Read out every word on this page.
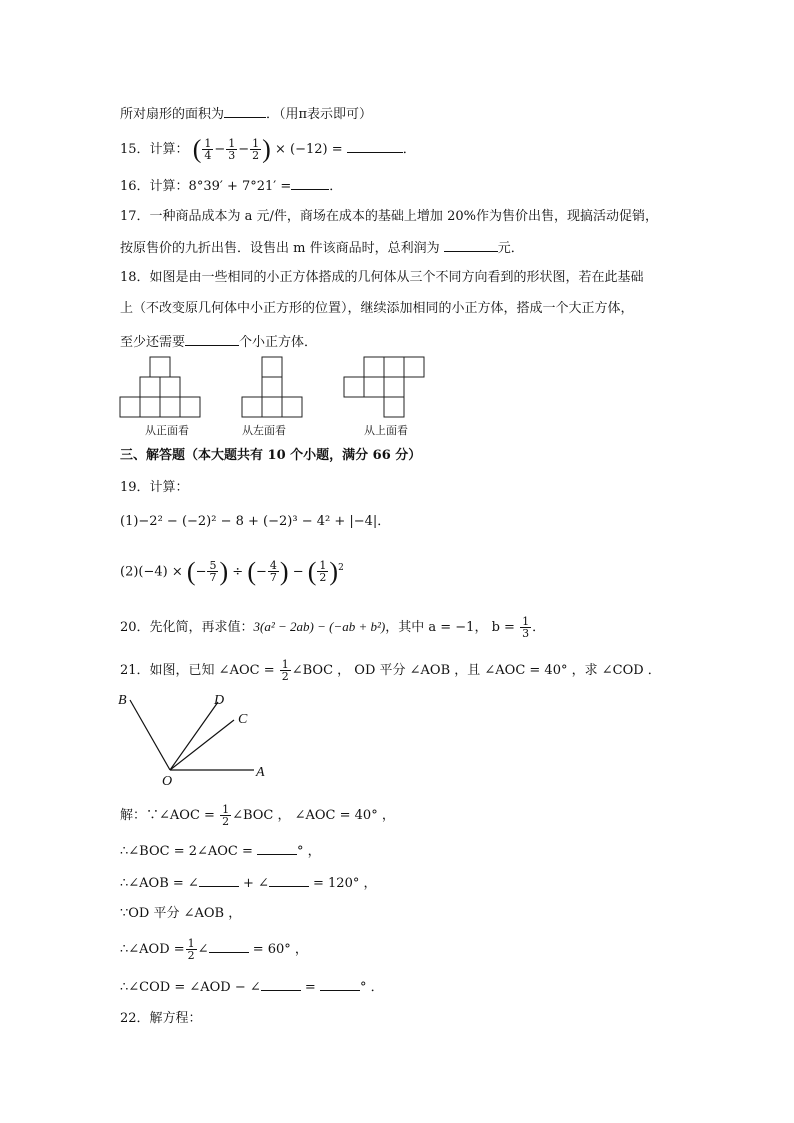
所对扇形的面积为	．（用π表示即可）
15．计算： ( $\frac{1}{4} - \frac{1}{3} - \frac{1}{2}$ ) × (−12) =	．
16．计算：8°39′ + 7°21′ =	．
17．一种商品成本为 a 元/件，商场在成本的基础上增加 20%作为售价出售，现搞活动促销，
按原售价的九折出售．设售出 m 件该商品时，总利润为	元．
18．如图是由一些相同的小正方体搭成的几何体从三个不同方向看到的形状图，若在此基础
上（不改变原几何体中小正方形的位置），继续添加相同的小正方体，搭成一个大正方体，
至少还需要	个小正方体．
从正面看	从左面看	从上面看
三、解答题（本大题共有 10 个小题，满分 66 分）
19．计算：
(1)−2² − (−2)² − 8 + (−2)³ − 4² + |−4|．
(2)(−4) × (− $\frac{5}{7}$ ) ÷ (− $\frac{4}{7}$ ) − ( $\frac{1}{2} )^2$
20．先化简，再求值：3(a² − 2ab) − (−ab + b²)，其中 a = −1， $b = \frac{1}{3}$ ．
21．如图，已知 ∠AOC = $\frac{1}{2}$ ∠BOC ， OD 平分 ∠AOB ，且 ∠AOC = 40° ，求 ∠COD ．
B	D
C
O
A
解：∵∠AOC = $\frac{1}{2}$ ∠BOC ， ∠AOC = 40° ，
∴∠BOC = 2∠AOC =	° ，
∴∠AOB = ∠	+ ∠	= 120° ，
∵OD 平分 ∠AOB ，
∴∠AOD = $\frac{1}{2}$ ∠	= 60° ，
∴∠COD = ∠AOD − ∠	=	° ．
22．解方程：
